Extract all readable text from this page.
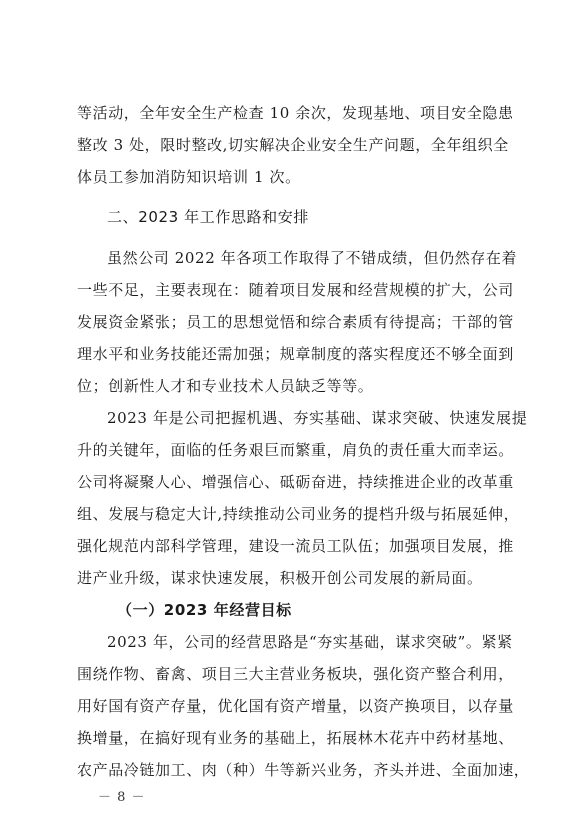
等活动，全年安全生产检查 10 余次，发现基地、项目安全隐患
整改 3 处，限时整改,切实解决企业安全生产问题，全年组织全
体员工参加消防知识培训 1 次。
二、2023 年工作思路和安排
虽然公司 2022 年各项工作取得了不错成绩，但仍然存在着
一些不足，主要表现在：随着项目发展和经营规模的扩大，公司
发展资金紧张；员工的思想觉悟和综合素质有待提高；干部的管
理水平和业务技能还需加强；规章制度的落实程度还不够全面到
位；创新性人才和专业技术人员缺乏等等。
2023 年是公司把握机遇、夯实基础、谋求突破、快速发展提
升的关键年，面临的任务艰巨而繁重，肩负的责任重大而幸运。
公司将凝聚人心、增强信心、砥砺奋进，持续推进企业的改革重
组、发展与稳定大计,持续推动公司业务的提档升级与拓展延伸，
强化规范内部科学管理，建设一流员工队伍；加强项目发展，推
进产业升级，谋求快速发展，积极开创公司发展的新局面。
（一）2023 年经营目标
2023 年，公司的经营思路是“夯实基础，谋求突破”。紧紧
围绕作物、畜禽、项目三大主营业务板块，强化资产整合利用，
用好国有资产存量，优化国有资产增量，以资产换项目，以存量
换增量，在搞好现有业务的基础上，拓展林木花卉中药材基地、
农产品冷链加工、肉（种）牛等新兴业务，齐头并进、全面加速，
－ 8 －
